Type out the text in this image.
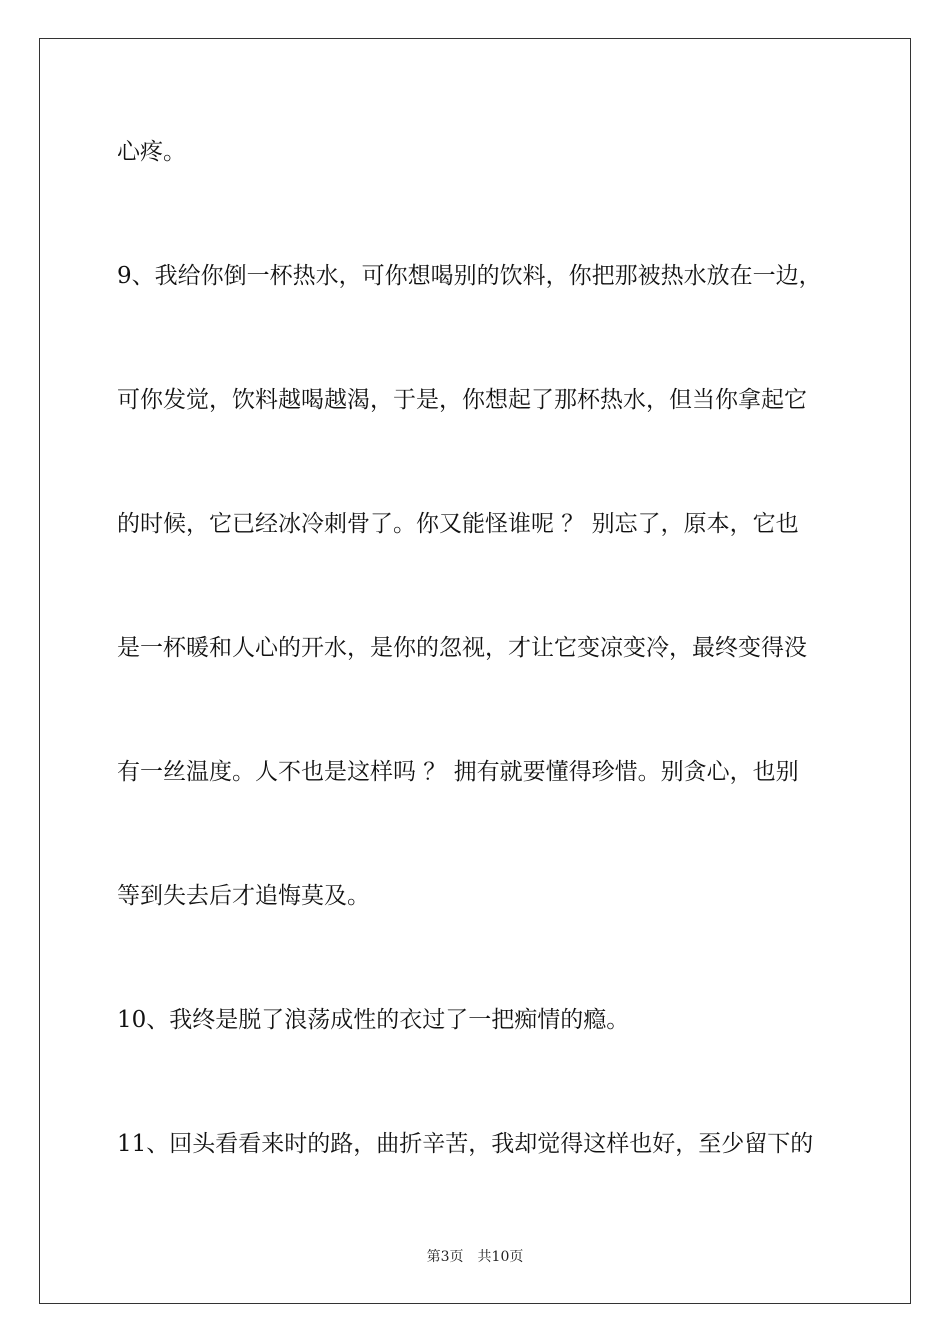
心疼。
9、我给你倒一杯热水，可你想喝别的饮料，你把那被热水放在一边，
可你发觉，饮料越喝越渴，于是，你想起了那杯热水，但当你拿起它
的时候，它已经冰冷刺骨了。你又能怪谁呢 ？ 别忘了，原本，它也
是一杯暖和人心的开水，是你的忽视，才让它变凉变冷，最终变得没
有一丝温度。人不也是这样吗 ？ 拥有就要懂得珍惜。别贪心，也别
等到失去后才追悔莫及。
10、我终是脱了浪荡成性的衣过了一把痴情的瘾。
11、回头看看来时的路，曲折辛苦，我却觉得这样也好，至少留下的
第3页　共10页
